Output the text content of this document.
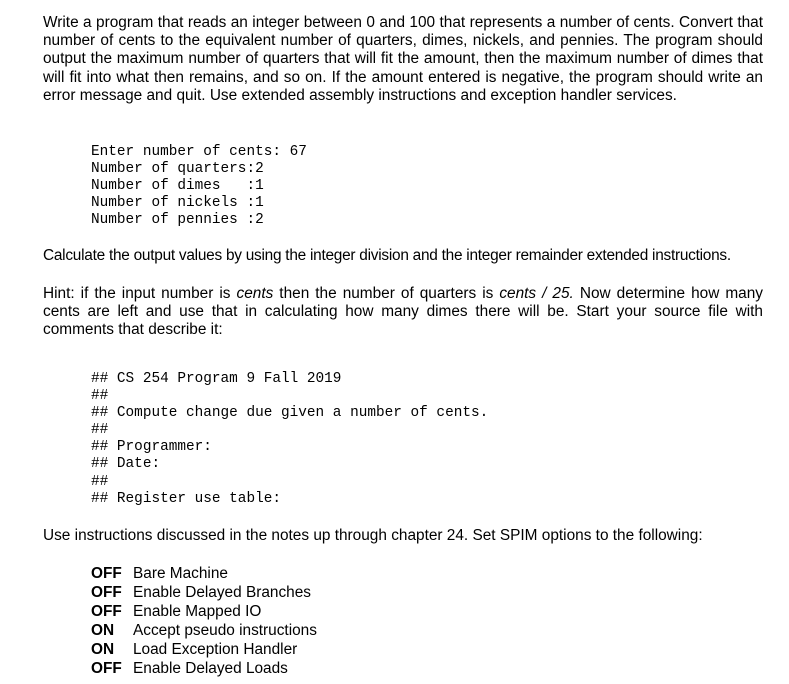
Write a program that reads an integer between 0 and 100 that represents a number of cents. Convert that number of cents to the equivalent number of quarters, dimes, nickels, and pennies. The program should output the maximum number of quarters that will fit the amount, then the maximum number of dimes that will fit into what then remains, and so on. If the amount entered is negative, the program should write an error message and quit. Use extended assembly instructions and exception handler services.

Enter number of cents: 67
Number of quarters:2
Number of dimes   :1
Number of nickels :1
Number of pennies :2

Calculate the output values by using the integer division and the integer remainder extended instructions.

Hint: if the input number is cents then the number of quarters is cents / 25. Now determine how many cents are left and use that in calculating how many dimes there will be. Start your source file with comments that describe it:

## CS 254 Program 9 Fall 2019
##
## Compute change due given a number of cents.
##
## Programmer:
## Date:
##
## Register use table:

Use instructions discussed in the notes up through chapter 24. Set SPIM options to the following:

OFF Bare Machine
OFF Enable Delayed Branches
OFF Enable Mapped IO
ON Accept pseudo instructions
ON Load Exception Handler
OFF Enable Delayed Loads
